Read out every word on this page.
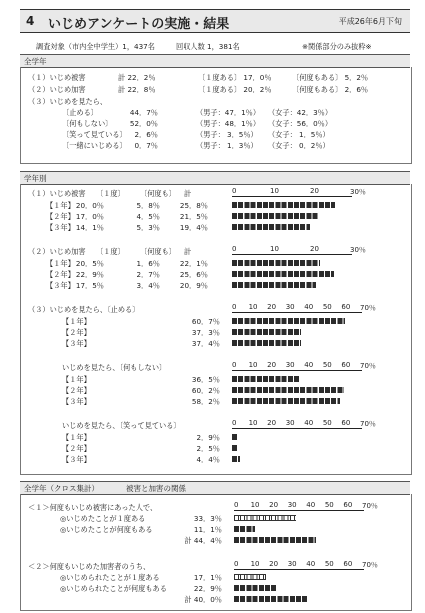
4 いじめアンケートの実施・結果	平成26年6月下旬
調査対象（市内全中学生）1，437名	回収人数 1，381名	※関係部分のみ抜粋※
全学年
（１）いじめ被害	計 22．2％	〔１度ある〕 17．0％	〔何度もある〕 5．2％
（２）いじめ加害	計 22．8％	〔１度ある〕 20．2％	〔何度もある〕 2．6％
（３）いじめを見たら、
〔止める〕	44．7％	（男子：47．1％） （女子：42．3％）
〔何もしない〕	52．0％	（男子：48．1％） （女子：56．0％）
〔笑って見ている〕	2．6％	（男子： 3．5％） （女子： 1．5％）
〔一緒にいじめる〕	0．7％	（男子： 1．3％） （女子： 0．2％）
学年別
（１）いじめ被害 〔１度〕 〔何度も〕 計	0	10	20	30％
【１年】 20．0％	5．8％	25．8％
【２年】 17．0％	4．5％	21．5％
【３年】 14．1％	5．3％	19．4％
（２）いじめ加害 〔１度〕 〔何度も〕 計	0	10	20	30％
【１年】 20．5％	1．6％	22．1％
【２年】 22．9％	2．7％	25．6％
【３年】 17．5％	3．4％	20．9％
（３）いじめを見たら、〔止める〕	0 10 20 30 40 50 60 70％
【１年】	60．7％
【２年】	37．3％
【３年】	37．4％
いじめを見たら、〔何もしない〕	0 10 20 30 40 50 60 70％
【１年】	36．5％
【２年】	60．2％
【３年】	58．2％
いじめを見たら、〔笑って見ている〕	0 10 20 30 40 50 60 70％
【１年】	2．9％
【２年】	2．5％
【３年】	4．4％
全学年（クロス集計）	被害と加害の関係
＜１＞何度もいじめ被害にあった人で、	0 10 20 30 40 50 60 70％
◎いじめたことが１度ある	33．3％
◎いじめたことが何度もある	11．1％
計 44．4％
＜２＞何度もいじめた加害者のうち、	0 10 20 30 40 50 60 70％
◎いじめられたことが１度ある	17．1％
◎いじめられたことが何度もある	22．9％
計 40．0％
